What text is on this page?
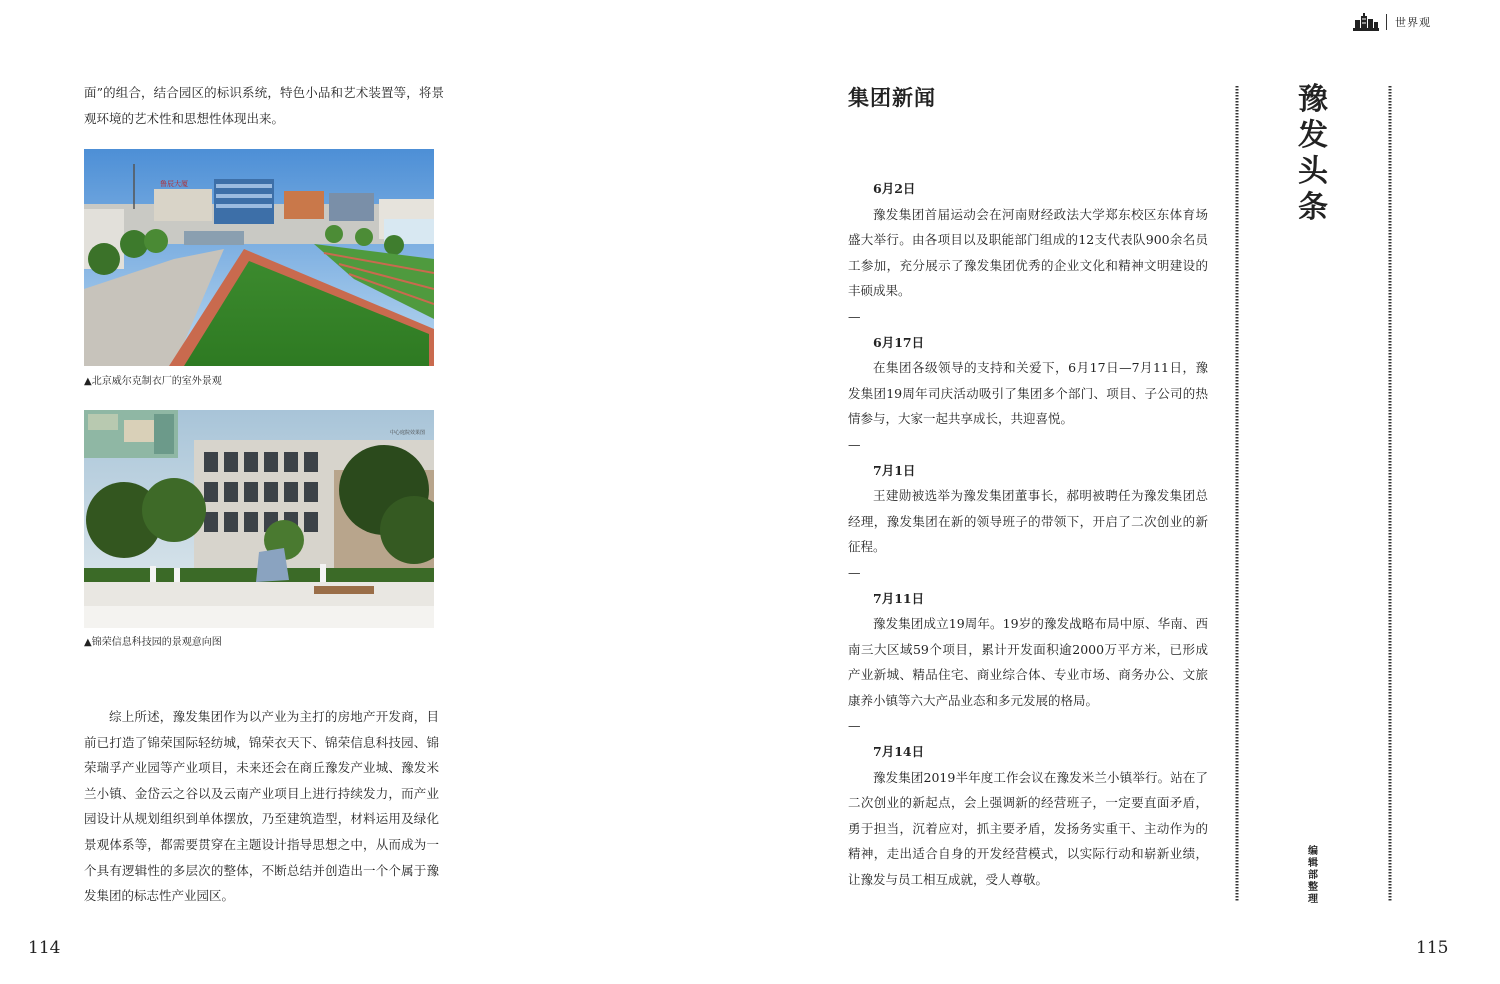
世界观

面”的组合，结合园区的标识系统，特色小品和艺术装置等，将景观环境的艺术性和思想性体现出来。

鲁辰大厦

▲北京威尔克制衣厂的室外景观

中心庭院效果图

▲锦荣信息科技园的景观意向图

综上所述，豫发集团作为以产业为主打的房地产开发商，目前已打造了锦荣国际轻纺城，锦荣衣天下、锦荣信息科技园、锦荣瑞孚产业园等产业项目，未来还会在商丘豫发产业城、豫发米兰小镇、金岱云之谷以及云南产业项目上进行持续发力，而产业园设计从规划组织到单体摆放，乃至建筑造型，材料运用及绿化景观体系等，都需要贯穿在主题设计指导思想之中，从而成为一个具有逻辑性的多层次的整体，不断总结并创造出一个个属于豫发集团的标志性产业园区。

114
集团新闻

6月2日

豫发集团首届运动会在河南财经政法大学郑东校区东体育场盛大举行。由各项目以及职能部门组成的12支代表队900余名员工参加，充分展示了豫发集团优秀的企业文化和精神文明建设的丰硕成果。

—

6月17日

在集团各级领导的支持和关爱下，6月17日—7月11日，豫发集团19周年司庆活动吸引了集团多个部门、项目、子公司的热情参与，大家一起共享成长，共迎喜悦。

—

7月1日

王建勋被选举为豫发集团董事长，郝明被聘任为豫发集团总经理，豫发集团在新的领导班子的带领下，开启了二次创业的新征程。

—

7月11日

豫发集团成立19周年。19岁的豫发战略布局中原、华南、西南三大区域59个项目，累计开发面积逾2000万平方米，已形成产业新城、精品住宅、商业综合体、专业市场、商务办公、文旅康养小镇等六大产品业态和多元发展的格局。

—

7月14日

豫发集团2019半年度工作会议在豫发米兰小镇举行。站在了二次创业的新起点，会上强调新的经营班子，一定要直面矛盾，勇于担当，沉着应对，抓主要矛盾，发扬务实重干、主动作为的精神，走出适合自身的开发经营模式，以实际行动和崭新业绩，让豫发与员工相互成就，受人尊敬。

豫发头条

编辑部整理

115
